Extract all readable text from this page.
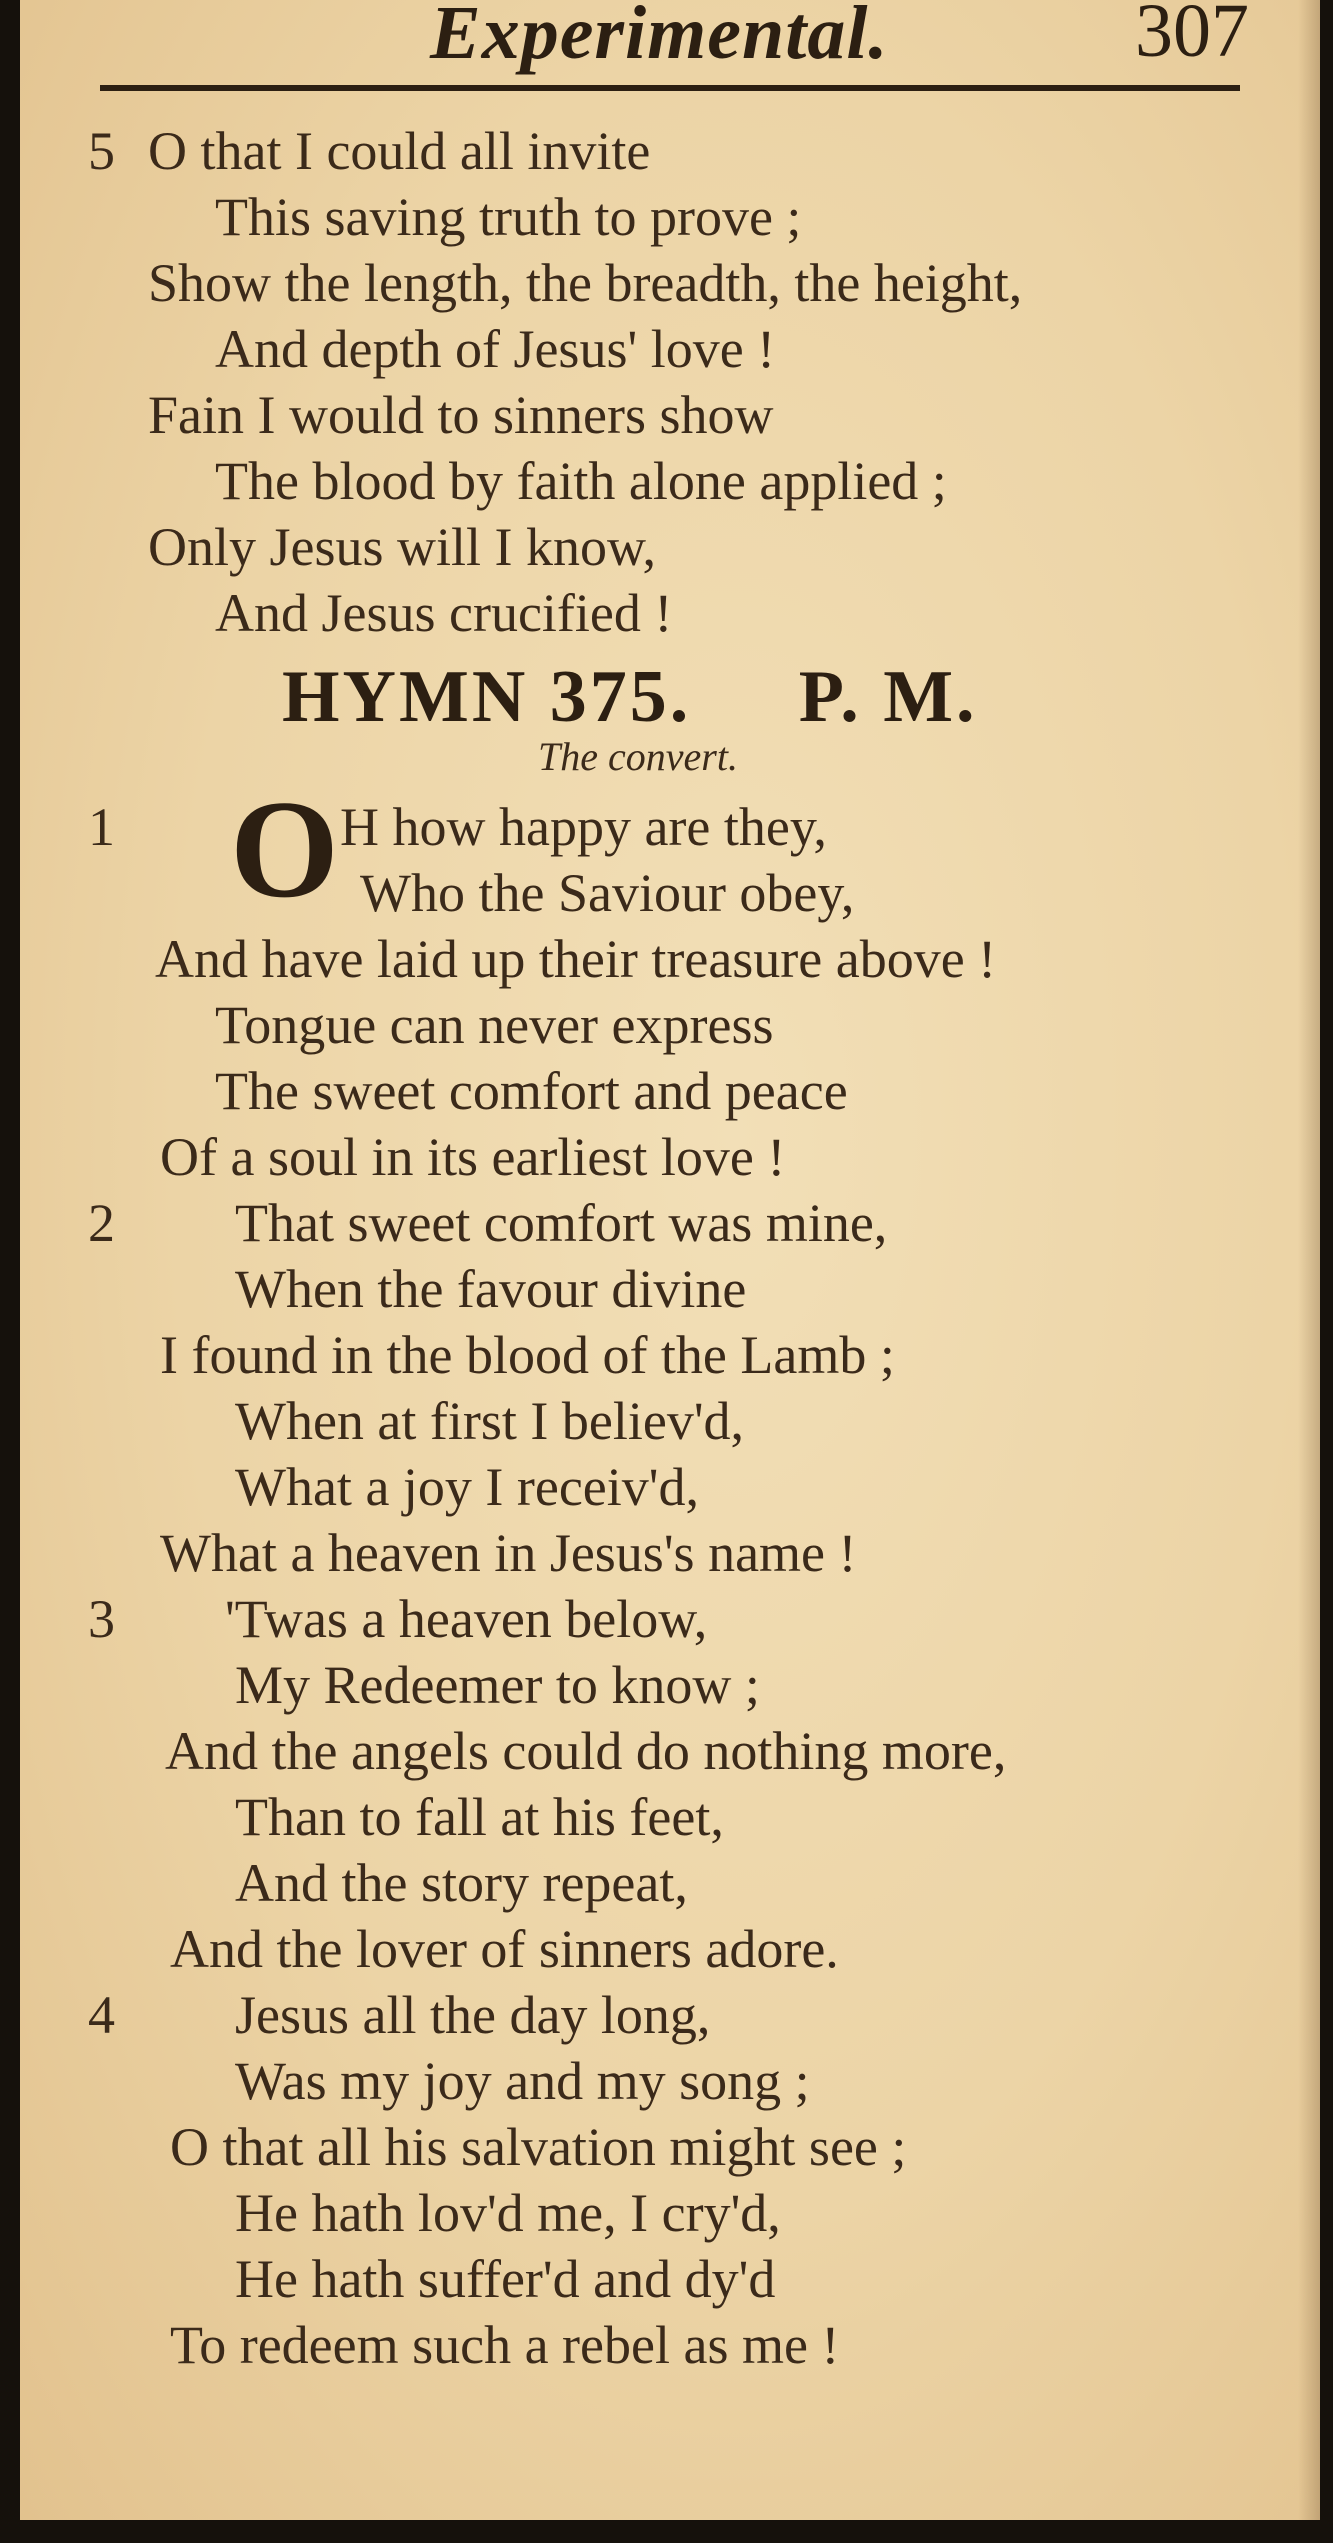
Experimental.	307
5 O that I could all invite
This saving truth to prove ;
Show the length, the breadth, the height,
And depth of Jesus' love !
Fain I would to sinners show
The blood by faith alone applied ;
Only Jesus will I know,
And Jesus crucified !
HYMN 375.     P. M.
The convert.
1 O H how happy are they,
Who the Saviour obey,
And have laid up their treasure above !
Tongue can never express
The sweet comfort and peace
Of a soul in its earliest love !
2 That sweet comfort was mine,
When the favour divine
I found in the blood of the Lamb ;
When at first I believ'd,
What a joy I receiv'd,
What a heaven in Jesus's name !
3 'Twas a heaven below,
My Redeemer to know ;
And the angels could do nothing more,
Than to fall at his feet,
And the story repeat,
And the lover of sinners adore.
4 Jesus all the day long,
Was my joy and my song ;
O that all his salvation might see ;
He hath lov'd me, I cry'd,
He hath suffer'd and dy'd
To redeem such a rebel as me !
